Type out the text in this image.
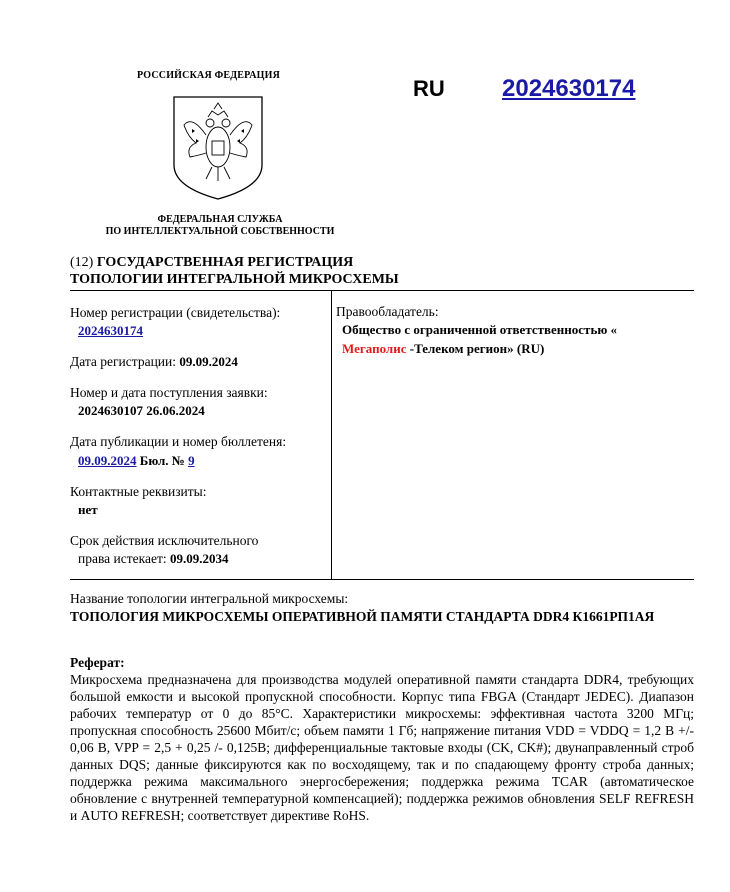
РОССИЙСКАЯ ФЕДЕРАЦИЯ
ФЕДЕРАЛЬНАЯ СЛУЖБА
ПО ИНТЕЛЛЕКТУАЛЬНОЙ СОБСТВЕННОСТИ
RU 2024630174
(12) ГОСУДАРСТВЕННАЯ РЕГИСТРАЦИЯ
ТОПОЛОГИИ ИНТЕГРАЛЬНОЙ МИКРОСХЕМЫ
Номер регистрации (свидетельства):
2024630174
Дата регистрации: 09.09.2024
Номер и дата поступления заявки:
2024630107 26.06.2024
Дата публикации и номер бюллетеня:
09.09.2024 Бюл. № 9
Контактные реквизиты:
нет
Срок действия исключительного
права истекает: 09.09.2034
Правообладатель:
Общество с ограниченной ответственностью «
Мегаполис -Телеком регион» (RU)
Название топологии интегральной микросхемы:
ТОПОЛОГИЯ МИКРОСХЕМЫ ОПЕРАТИВНОЙ ПАМЯТИ СТАНДАРТА DDR4 К1661РП1АЯ
Реферат:
Микросхема предназначена для производства модулей оперативной памяти стандарта DDR4, требующих большой емкости и высокой пропускной способности. Корпус типа FBGA (Стандарт JEDEC). Диапазон рабочих температур от 0 до 85°C. Характеристики микросхемы: эффективная частота 3200 МГц; пропускная способность 25600 Мбит/с; объем памяти 1 Гб; напряжение питания VDD = VDDQ = 1,2 В +/- 0,06 В, VPP = 2,5 + 0,25 /- 0,125В; дифференциальные тактовые входы (CK, CK#); двунаправленный строб данных DQS; данные фиксируются как по восходящему, так и по спадающему фронту строба данных; поддержка режима максимального энергосбережения; поддержка режима TCAR (автоматическое обновление с внутренней температурной компенсацией); поддержка режимов обновления SELF REFRESH и AUTO REFRESH; соответствует директиве RoHS.
